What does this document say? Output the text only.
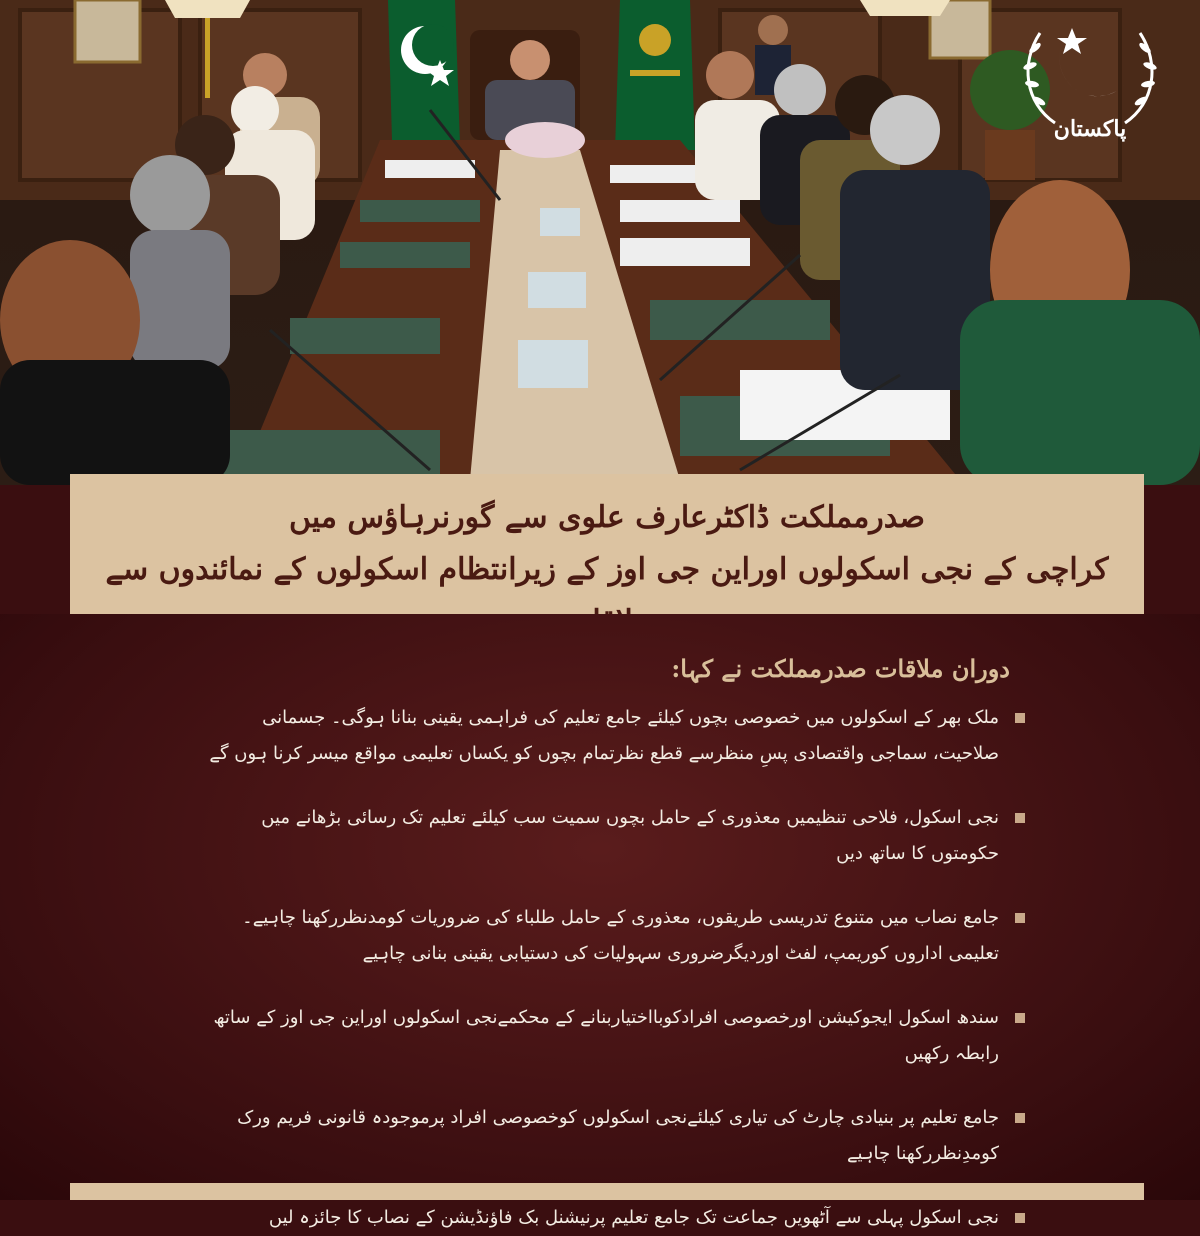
پاکستان
صدرمملکت ڈاکٹرعارف علوی سے گورنرہاؤس میں
کراچی کے نجی اسکولوں اوراین جی اوز کے زیرانتظام اسکولوں کے نمائندوں سے
دوران ملاقات صدرمملکت نے کہا:
ملک بھر کے اسکولوں میں خصوصی بچوں کیلئے جامع تعلیم کی فراہمی یقینی بنانا ہوگی۔ جسمانی صلاحیت، سماجی واقتصادی پسِ منظرسے قطع نظرتمام بچوں کو یکساں تعلیمی مواقع میسر کرنا ہوں گے
نجی اسکول، فلاحی تنظیمیں معذوری کے حامل بچوں سمیت سب کیلئے تعلیم تک رسائی بڑھانے میں حکومتوں کا ساتھ دیں
جامع نصاب میں متنوع تدریسی طریقوں، معذوری کے حامل طلباء کی ضروریات کومدنظررکھنا چاہیے۔ تعلیمی اداروں کوریمپ، لفٹ اوردیگرضروری سہولیات کی دستیابی یقینی بنانی چاہیے
سندھ اسکول ایجوکیشن اورخصوصی افرادکوبااختیاربنانے کے محکمےنجی اسکولوں اوراین جی اوز کے ساتھ رابطہ رکھیں
جامع تعلیم پر بنیادی چارٹ کی تیاری کیلئےنجی اسکولوں کوخصوصی افراد پرموجودہ قانونی فریم ورک کومدِنظررکھنا چاہیے
نجی اسکول پہلی سے آٹھویں جماعت تک جامع تعلیم پرنیشنل بک فاؤنڈیشن کے نصاب کا جائزہ لیں
